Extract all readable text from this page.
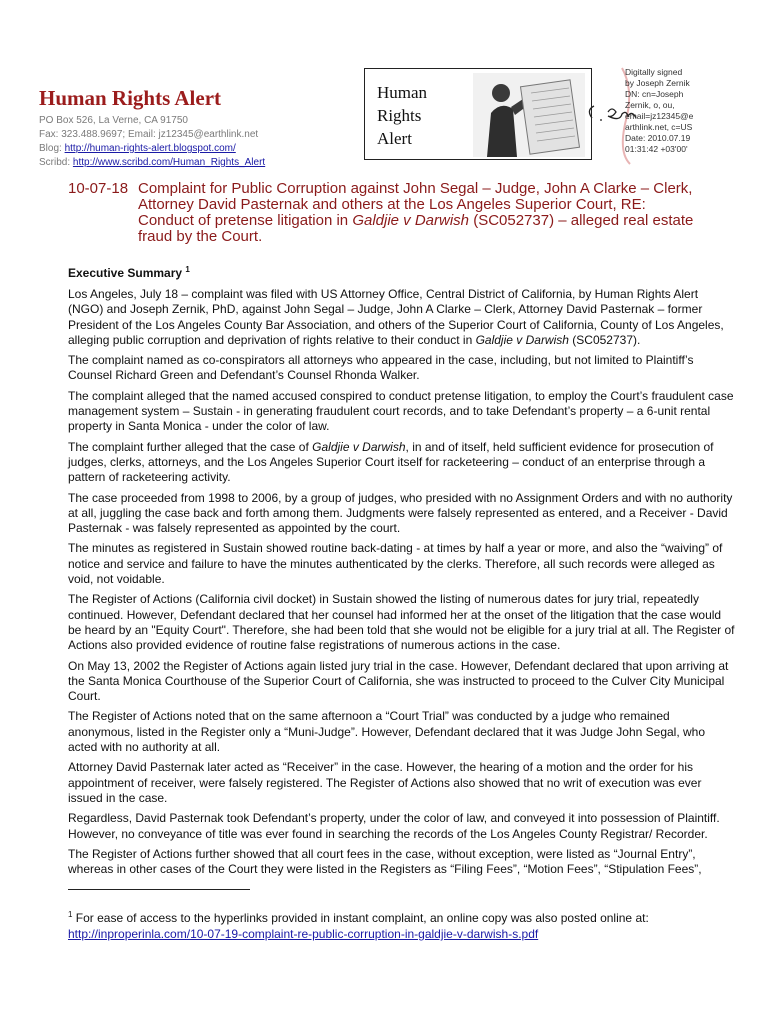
Human Rights Alert
PO Box 526, La Verne, CA 91750
Fax: 323.488.9697; Email: jz12345@earthlink.net
Blog: http://human-rights-alert.blogspot.com/
Scribd: http://www.scribd.com/Human_Rights_Alert
Human
Rights
Alert
Digitally signed
by Joseph Zernik
DN: cn=Joseph
Zernik, o, ou,
email=jz12345@e
arthlink.net, c=US
Date: 2010.07.19
01:31:42 +03'00'
10-07-18 Complaint for Public Corruption against John Segal – Judge, John A Clarke – Clerk,
Attorney David Pasternak and others at the Los Angeles Superior Court, RE:
Conduct of pretense litigation in Galdjie v Darwish (SC052737) – alleged real estate
fraud by the Court.
Executive Summary $^1$

Los Angeles, July 18 – complaint was filed with US Attorney Office, Central District of California, by Human Rights Alert (NGO) and Joseph Zernik, PhD, against John Segal – Judge, John A Clarke – Clerk, Attorney David Pasternak – former President of the Los Angeles County Bar Association, and others of the Superior Court of California, County of Los Angeles, alleging public corruption and deprivation of rights relative to their conduct in Galdjie v Darwish (SC052737).

The complaint named as co-conspirators all attorneys who appeared in the case, including, but not limited to Plaintiff’s Counsel Richard Green and Defendant’s Counsel Rhonda Walker.

The complaint alleged that the named accused conspired to conduct pretense litigation, to employ the Court’s fraudulent case management system – Sustain - in generating fraudulent court records, and to take Defendant’s property – a 6-unit rental property in Santa Monica - under the color of law.

The complaint further alleged that the case of Galdjie v Darwish, in and of itself, held sufficient evidence for prosecution of judges, clerks, attorneys, and the Los Angeles Superior Court itself for racketeering – conduct of an enterprise through a pattern of racketeering activity.

The case proceeded from 1998 to 2006, by a group of judges, who presided with no Assignment Orders and with no authority at all, juggling the case back and forth among them. Judgments were falsely represented as entered, and a Receiver - David Pasternak - was falsely represented as appointed by the court.

The minutes as registered in Sustain showed routine back-dating - at times by half a year or more, and also the “waiving” of notice and service and failure to have the minutes authenticated by the clerks. Therefore, all such records were alleged as void, not voidable.

The Register of Actions (California civil docket) in Sustain showed the listing of numerous dates for jury trial, repeatedly continued. However, Defendant declared that her counsel had informed her at the onset of the litigation that the case would be heard by an "Equity Court". Therefore, she had been told that she would not be eligible for a jury trial at all. The Register of Actions also provided evidence of routine false registrations of numerous actions in the case.

On May 13, 2002 the Register of Actions again listed jury trial in the case. However, Defendant declared that upon arriving at the Santa Monica Courthouse of the Superior Court of California, she was instructed to proceed to the Culver City Municipal Court.

The Register of Actions noted that on the same afternoon a “Court Trial” was conducted by a judge who remained anonymous, listed in the Register only a “Muni-Judge”. However, Defendant declared that it was Judge John Segal, who acted with no authority at all.

Attorney David Pasternak later acted as “Receiver” in the case. However, the hearing of a motion and the order for his appointment of receiver, were falsely registered. The Register of Actions also showed that no writ of execution was ever issued in the case.

Regardless, David Pasternak took Defendant’s property, under the color of law, and conveyed it into possession of Plaintiff. However, no conveyance of title was ever found in searching the records of the Los Angeles County Registrar/ Recorder.

The Register of Actions further showed that all court fees in the case, without exception, were listed as “Journal Entry”, whereas in other cases of the Court they were listed in the Registers as “Filing Fees”, “Motion Fees”, “Stipulation Fees”,

$^1$ For ease of access to the hyperlinks provided in instant complaint, an online copy was also posted online at:
http://inproperinla.com/10-07-19-complaint-re-public-corruption-in-galdjie-v-darwish-s.pdf
